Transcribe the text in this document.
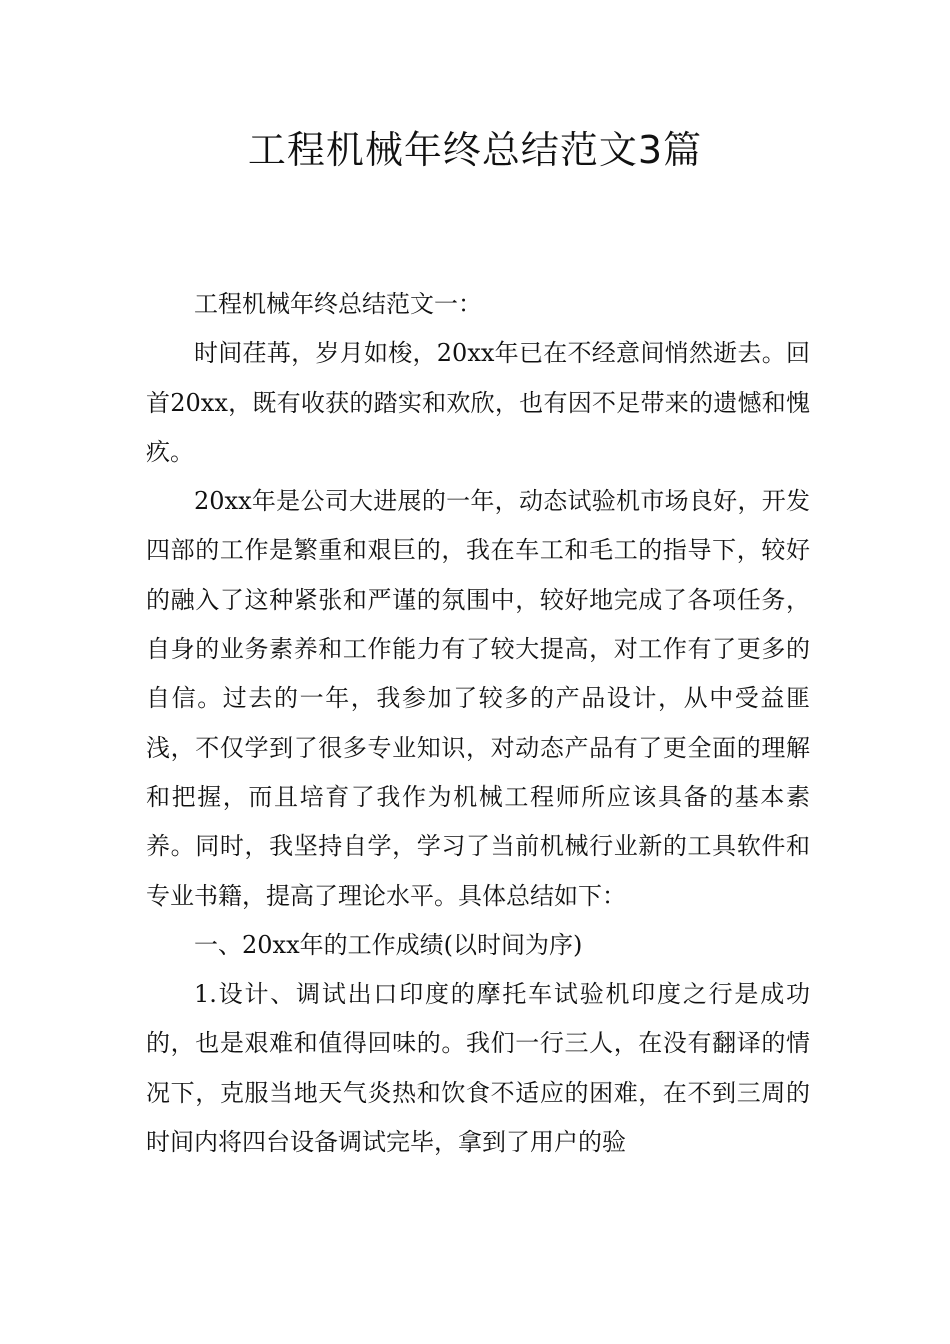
工程机械年终总结范文3篇

工程机械年终总结范文一：

时间荏苒，岁月如梭，20xx年已在不经意间悄然逝去。回首20xx，既有收获的踏实和欢欣，也有因不足带来的遗憾和愧疚。

20xx年是公司大进展的一年，动态试验机市场良好，开发四部的工作是繁重和艰巨的，我在车工和毛工的指导下，较好的融入了这种紧张和严谨的氛围中，较好地完成了各项任务，自身的业务素养和工作能力有了较大提高，对工作有了更多的自信。过去的一年，我参加了较多的产品设计，从中受益匪浅，不仅学到了很多专业知识，对动态产品有了更全面的理解和把握，而且培育了我作为机械工程师所应该具备的基本素养。同时，我坚持自学，学习了当前机械行业新的工具软件和专业书籍，提高了理论水平。具体总结如下：

一、20xx年的工作成绩(以时间为序)

1.设计、调试出口印度的摩托车试验机印度之行是成功的，也是艰难和值得回味的。我们一行三人，在没有翻译的情况下，克服当地天气炎热和饮食不适应的困难，在不到三周的时间内将四台设备调试完毕，拿到了用户的验
